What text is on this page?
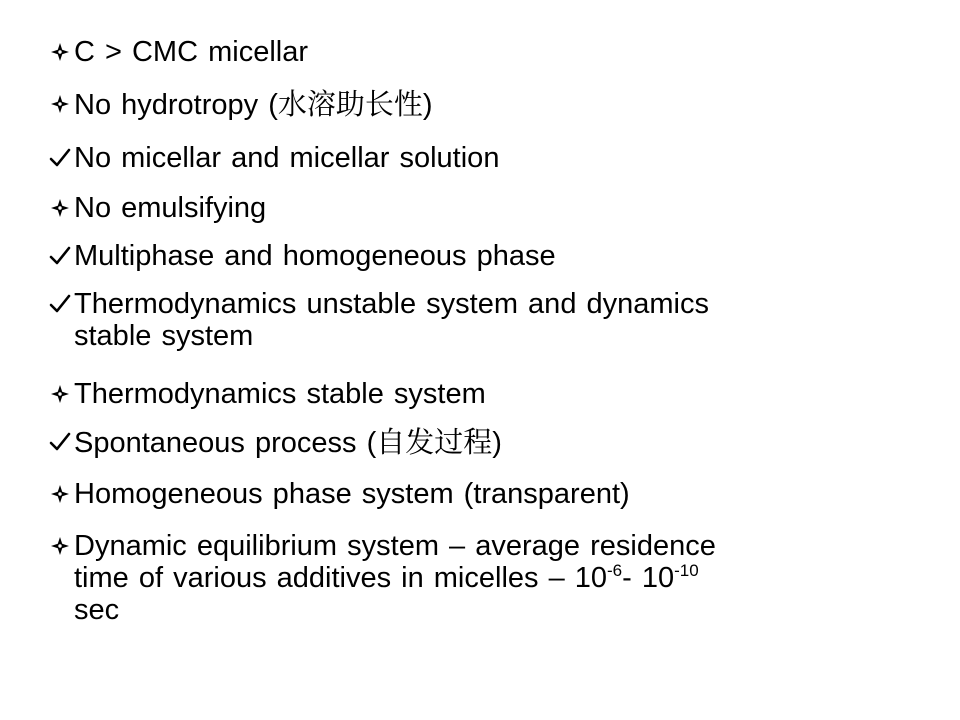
C > CMC micellar
No hydrotropy (水溶助长性)
No micellar and micellar solution
No emulsifying
Multiphase and homogeneous phase
Thermodynamics unstable system and dynamics
stable system
Thermodynamics stable system
Spontaneous process (自发过程)
Homogeneous phase system (transparent)
Dynamic equilibrium system – average residence
time of various additives in micelles – $10^{-6}-$ $10^{-10}$
sec
